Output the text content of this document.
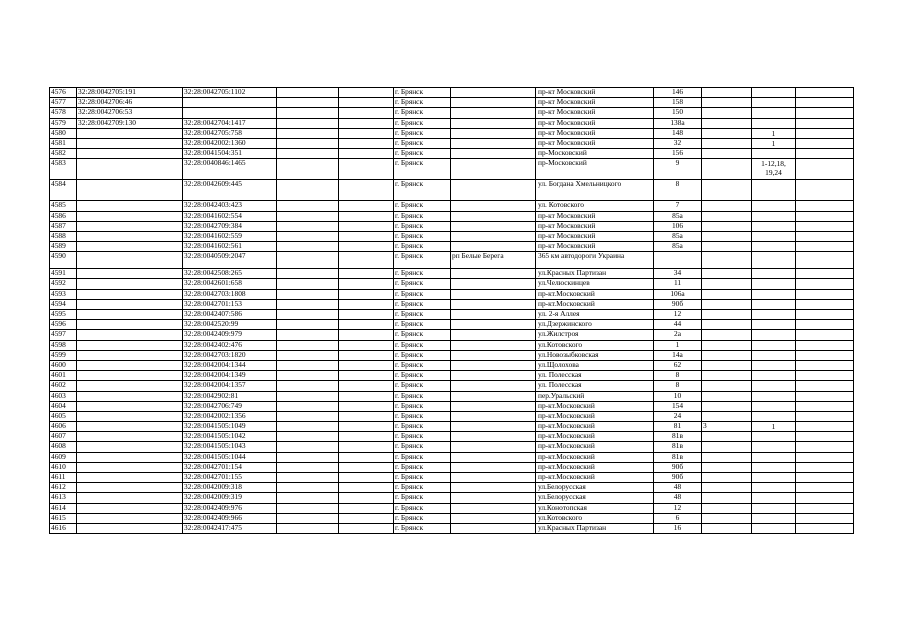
4576	32:28:0042705:191	32:28:0042705:1102			г. Брянск		пр-кт Московский	146			
4577	32:28:0042706:46				г. Брянск		пр-кт Московский	158			
4578	32:28:0042706:53				г. Брянск		пр-кт Московский	150			
4579	32:28:0042709:130	32:28:0042704:1417			г. Брянск		пр-кт Московский	138а			
4580		32:28:0042705:758			г. Брянск		пр-кт Московский	148		1	
4581		32:28:0042002:1360			г. Брянск		пр-кт Московский	32		1	
4582		32:28:0041504:351			г. Брянск		пр-Московский	156			
4583		32:28:0040846:1465			г. Брянск		пр-Московский	9		1-12,18, 19,24	
4584		32:28:0042609:445			г. Брянск		ул. Богдана Хмельницкого	8			
4585		32:28:0042403:423			г. Брянск		ул. Котовского	7			
4586		32:28:0041602:554			г. Брянск		пр-кт Московский	85а			
4587		32:28:0042709:384			г. Брянск		пр-кт Московский	106			
4588		32:28:0041602:559			г. Брянск		пр-кт Московский	85а			
4589		32:28:0041602:561			г. Брянск		пр-кт Московский	85а			
4590		32:28:0040509:2047			г. Брянск	рп Белые Берега	365 км автодороги Украина				
4591		32:28:0042508:265			г. Брянск		ул.Красных Партизан	34			
4592		32:28:0042601:658			г. Брянск		ул.Челюскинцев	11			
4593		32:28:0042703:1808			г. Брянск		пр-кт.Московский	106а			
4594		32:28:0042701:153			г. Брянск		пр-кт.Московский	90б			
4595		32:28:0042407:586			г. Брянск		ул. 2-я Аллея	12			
4596		32:28:0042520:99			г. Брянск		ул.Дзержинского	44			
4597		32:28:0042409:979			г. Брянск		ул.Жилстроя	2а			
4598		32:28:0042402:476			г. Брянск		ул.Котовского	1			
4599		32:28:0042703:1820			г. Брянск		ул.Новозыбковская	14а			
4600		32:28:0042004:1344			г. Брянск		ул.Щолохова	62			
4601		32:28:0042004:1349			г. Брянск		ул. Полесская	8			
4602		32:28:0042004:1357			г. Брянск		ул. Полесская	8			
4603		32:28:0042902:81			г. Брянск		пер.Уральский	10			
4604		32:28:0042706:749			г. Брянск		пр-кт.Московский	154			
4605		32:28:0042002:1356			г. Брянск		пр-кт.Московский	24			
4606		32:28:0041505:1049			г. Брянск		пр-кт.Московский	81	3	1	
4607		32:28:0041505:1042			г. Брянск		пр-кт.Московский	81в			
4608		32:28:0041505:1043			г. Брянск		пр-кт.Московский	81в			
4609		32:28:0041505:1044			г. Брянск		пр-кт.Московский	81в			
4610		32:28:0042701:154			г. Брянск		пр-кт.Московский	90б			
4611		32:28:0042701:155			г. Брянск		пр-кт.Московский	90б			
4612		32:28:0042009:318			г. Брянск		ул.Белорусская	48			
4613		32:28:0042009:319			г. Брянск		ул.Белорусская	48			
4614		32:28:0042409:976			г. Брянск		ул.Конотопская	12			
4615		32:28:0042409:966			г. Брянск		ул.Котовского	6			
4616		32:28:0042417:475			г. Брянск		ул.Красных Партизан	16			
